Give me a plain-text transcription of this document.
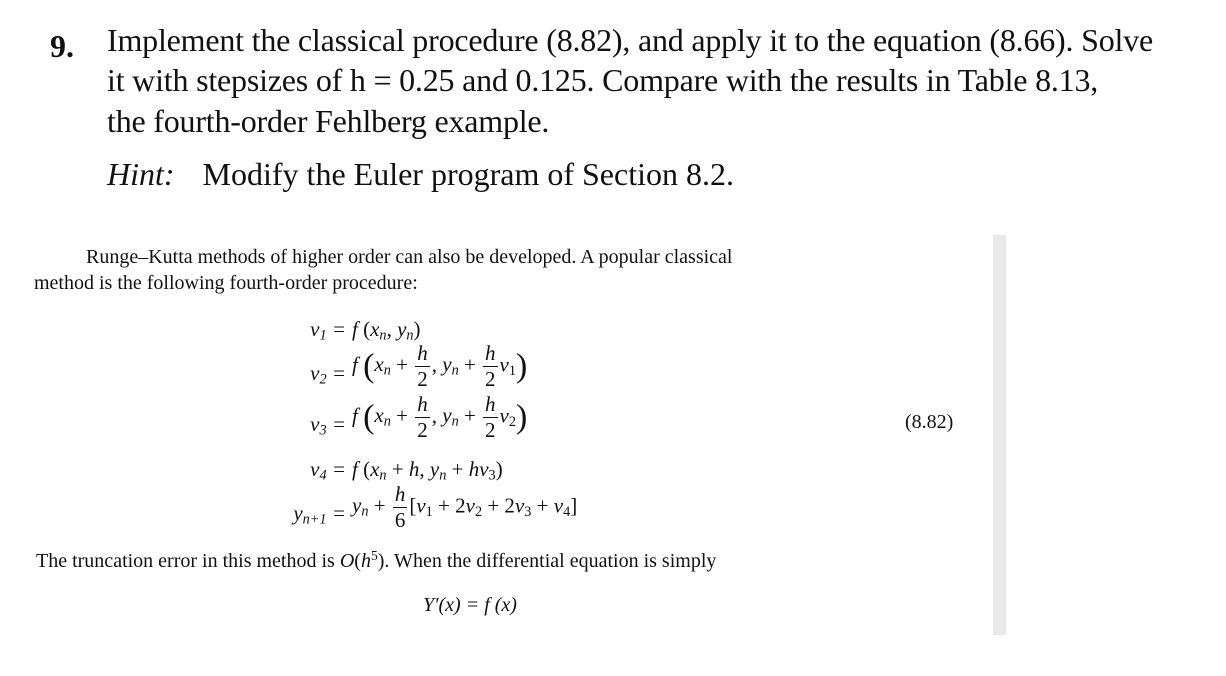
9. Implement the classical procedure (8.82), and apply it to the equation (8.66). Solve
it with stepsizes of h = 0.25 and 0.125. Compare with the results in Table 8.13,
the fourth-order Fehlberg example.
Hint: Modify the Euler program of Section 8.2.
Runge–Kutta methods of higher order can also be developed. A popular classical
method is the following fourth-order procedure:
$v_1 = f$ ($x_n$, $y_n$)
$v_2 = f$ ($x_n + \frac{h}{2}$ , $y_n + \frac{h}{2} v_1$)
$v_3 = f$ ($x_n + \frac{h}{2}$ , $y_n + \frac{h}{2} v_2$)	(8.82)
$v_4 = f$ ($x_n + h$, $y_n + hv_3$)
$y_{n+1} = y_n + \frac{h}{6} [v_1 + 2v_2 + 2v_3 + v_4]$
The truncation error in this method is $O(h^5)$. When the differential equation is simply
Y′(x) = f (x)
